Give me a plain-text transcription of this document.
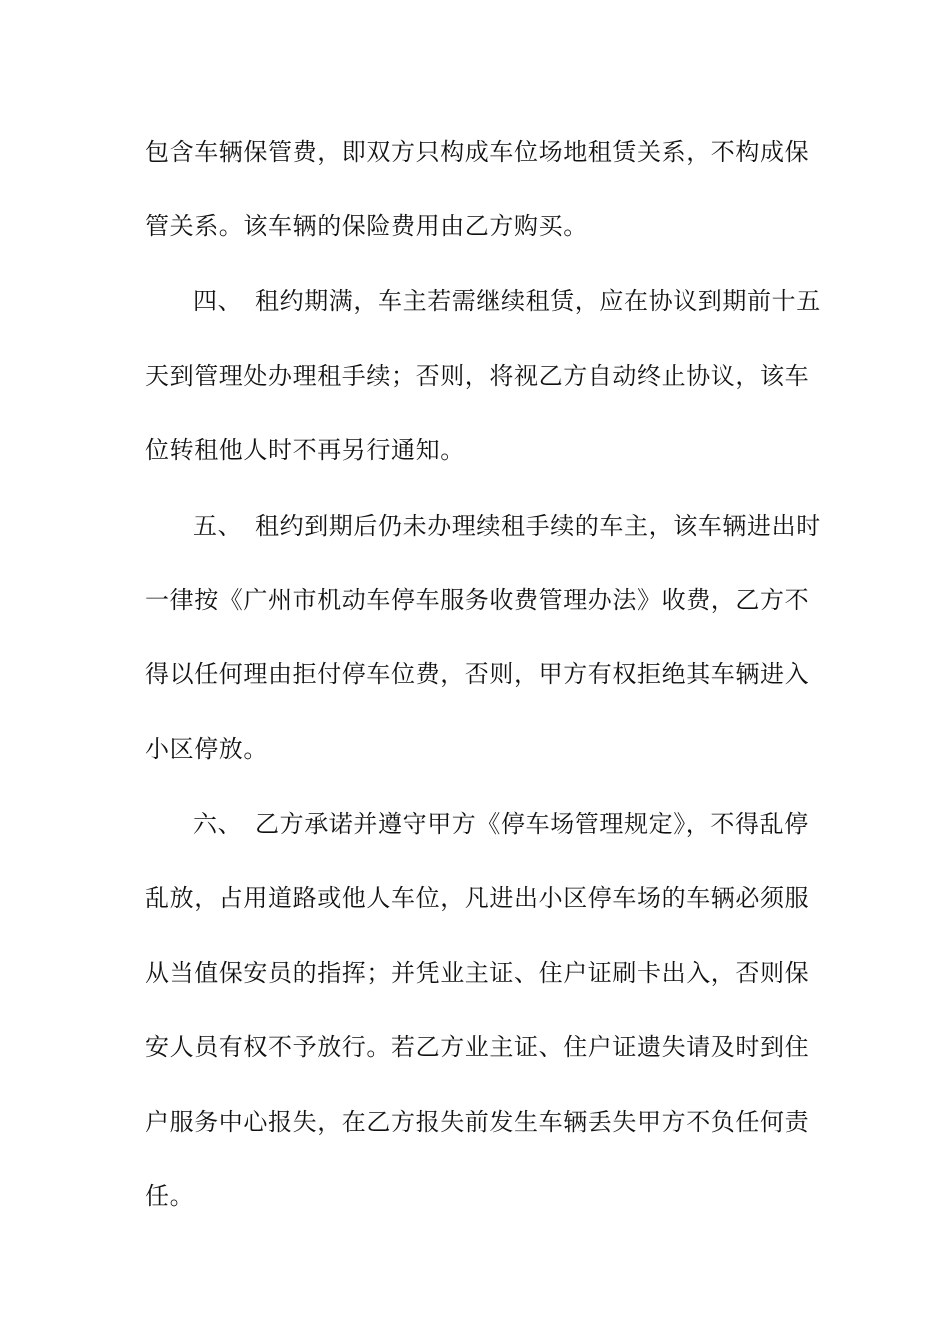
包含车辆保管费，即双方只构成车位场地租赁关系，不构成保
管关系。该车辆的保险费用由乙方购买。
四、 租约期满，车主若需继续租赁，应在协议到期前十五
天到管理处办理租手续；否则，将视乙方自动终止协议，该车
位转租他人时不再另行通知。
五、 租约到期后仍未办理续租手续的车主，该车辆进出时
一律按《广州市机动车停车服务收费管理办法》收费，乙方不
得以任何理由拒付停车位费，否则，甲方有权拒绝其车辆进入
小区停放。
六、 乙方承诺并遵守甲方《停车场管理规定》，不得乱停
乱放，占用道路或他人车位，凡进出小区停车场的车辆必须服
从当值保安员的指挥；并凭业主证、住户证刷卡出入，否则保
安人员有权不予放行。若乙方业主证、住户证遗失请及时到住
户服务中心报失，在乙方报失前发生车辆丢失甲方不负任何责
任。
